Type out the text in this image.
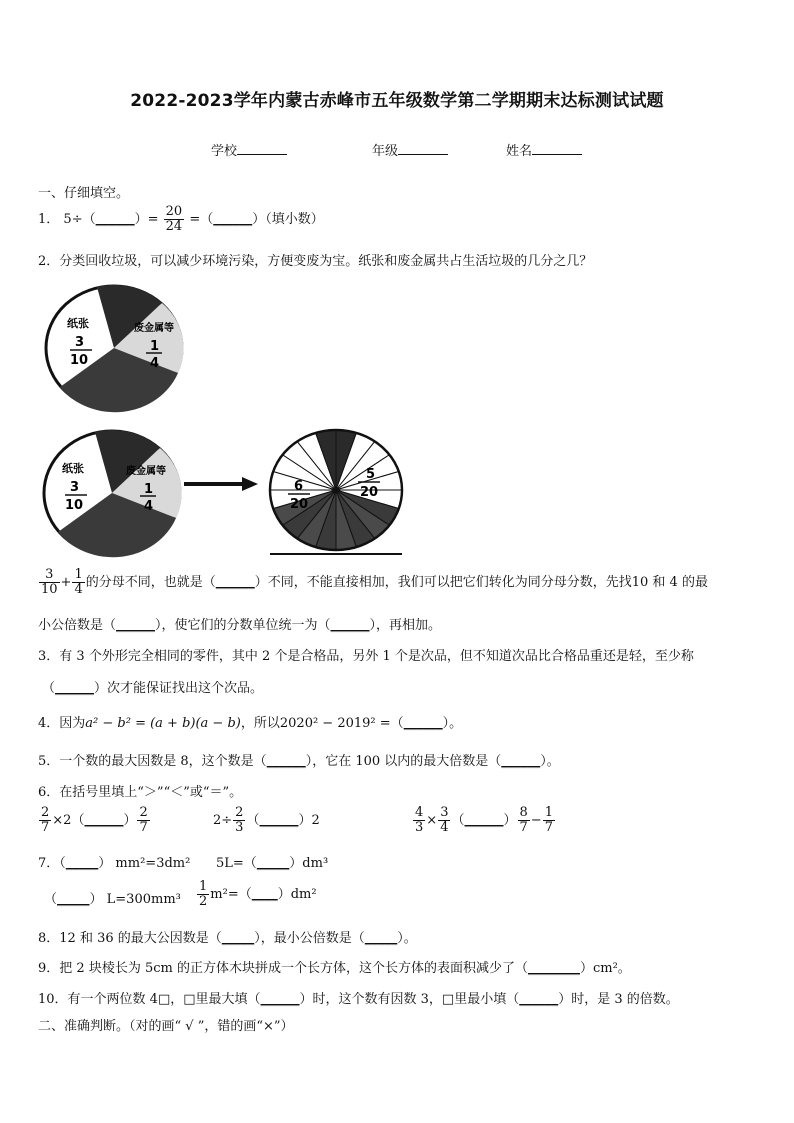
2022-2023学年内蒙古赤峰市五年级数学第二学期期末达标测试试题
学校	年级	姓名
一、仔细填空。
1． 5÷（______）= $\frac{20}{24}$ =（______）（填小数）
2．分类回收垃圾，可以减少环境污染，方便变废为宝。纸张和废金属共占生活垃圾的几分之几？
纸张
3
10
废金属等
1
4
纸张
3
10
废金属等
1
4
6
20
5
20
$\frac{3}{10} + \frac{1}{4}$ 的分母不同，也就是（______）不同，不能直接相加，我们可以把它们转化为同分母分数，先找10 和 4 的最
小公倍数是（______），使它们的分数单位统一为（______），再相加。
3．有 3 个外形完全相同的零件，其中 2 个是合格品，另外 1 个是次品，但不知道次品比合格品重还是轻，至少称
（______）次才能保证找出这个次品。
4．因为a² − b² = (a + b)(a − b)，所以2020² − 2019² =（______）。
5．一个数的最大因数是 8，这个数是（______），它在 100 以内的最大倍数是（______）。
6．在括号里填上“＞”“＜”或“＝”。
$\frac{2}{7}$ ×2（______） $\frac{2}{7}$	$2\div \frac{2}{3}$ （______）2	$\frac{4}{3} \times \frac{3}{4}$ （______） $\frac{8}{7} - \frac{1}{7}$
7．（_____） mm²=3dm² 5L=（_____）dm³
（_____） $L=300mm^3 \frac{1}{2}$ m²=（____）dm²
8．12 和 36 的最大公因数是（_____），最小公倍数是（_____）。
9．把 2 块棱长为 5cm 的正方体木块拼成一个长方体，这个长方体的表面积减少了（________）cm²。
10．有一个两位数 4□，□里最大填（______）时，这个数有因数 3，□里最小填（______）时，是 3 的倍数。
二、准确判断。（对的画“ √ ”，错的画“×”）
